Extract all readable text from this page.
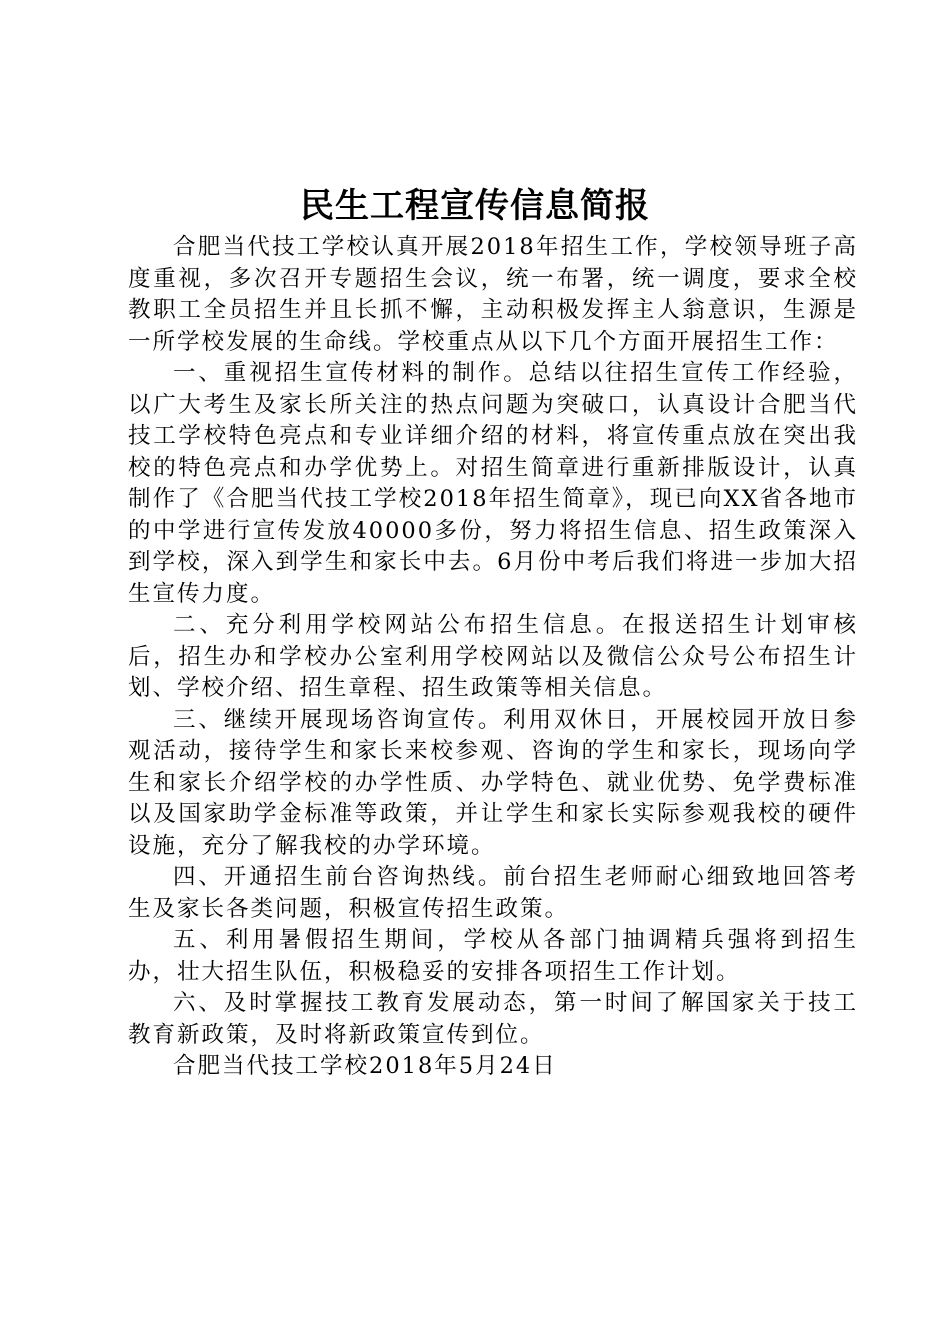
民生工程宣传信息简报

合肥当代技工学校认真开展2018年招生工作，学校领导班子高度重视，多次召开专题招生会议，统一布署，统一调度，要求全校教职工全员招生并且长抓不懈，主动积极发挥主人翁意识，生源是一所学校发展的生命线。学校重点从以下几个方面开展招生工作：

一、重视招生宣传材料的制作。总结以往招生宣传工作经验，以广大考生及家长所关注的热点问题为突破口，认真设计合肥当代技工学校特色亮点和专业详细介绍的材料，将宣传重点放在突出我校的特色亮点和办学优势上。对招生简章进行重新排版设计，认真制作了《合肥当代技工学校2018年招生简章》，现已向XX省各地市的中学进行宣传发放40000多份，努力将招生信息、招生政策深入到学校，深入到学生和家长中去。6月份中考后我们将进一步加大招生宣传力度。

二、充分利用学校网站公布招生信息。在报送招生计划审核后，招生办和学校办公室利用学校网站以及微信公众号公布招生计划、学校介绍、招生章程、招生政策等相关信息。

三、继续开展现场咨询宣传。利用双休日，开展校园开放日参观活动，接待学生和家长来校参观、咨询的学生和家长，现场向学生和家长介绍学校的办学性质、办学特色、就业优势、免学费标准以及国家助学金标准等政策，并让学生和家长实际参观我校的硬件设施，充分了解我校的办学环境。

四、开通招生前台咨询热线。前台招生老师耐心细致地回答考生及家长各类问题，积极宣传招生政策。

五、利用暑假招生期间，学校从各部门抽调精兵强将到招生办，壮大招生队伍，积极稳妥的安排各项招生工作计划。

六、及时掌握技工教育发展动态，第一时间了解国家关于技工教育新政策，及时将新政策宣传到位。

合肥当代技工学校2018年5月24日
